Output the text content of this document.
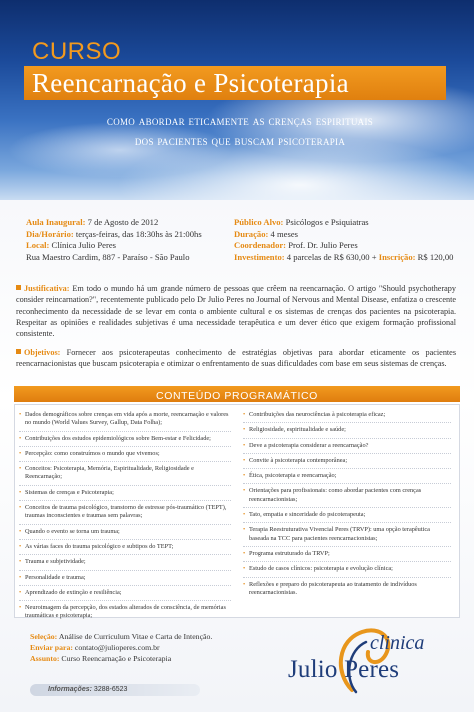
CURSO
Reencarnação e Psicoterapia
como abordar eticamente as crenças espirituais
dos pacientes que buscam psicoterapia
Aula Inaugural: 7 de Agosto de 2012
Dia/Horário: terças-feiras, das 18:30hs às 21:00hs
Local: Clínica Julio Peres
Rua Maestro Cardim, 887 - Paraíso - São Paulo
Público Alvo: Psicólogos e Psiquiatras
Duração: 4 meses
Coordenador: Prof. Dr. Julio Peres
Investimento: 4 parcelas de R$ 630,00 + Inscrição: R$ 120,00
Justificativa: Em todo o mundo há um grande número de pessoas que crêem na reencarnação. O artigo "Should psychotherapy consider reincarnation?", recentemente publicado pelo Dr Julio Peres no Journal of Nervous and Mental Disease, enfatiza o crescente reconhecimento da necessidade de se levar em conta o ambiente cultural e os sistemas de crenças dos pacientes na psicoterapia. Respeitar as opiniões e realidades subjetivas é uma necessidade terapêutica e um dever ético que exigem formação profissional consistente.
Objetivos: Fornecer aos psicoterapeutas conhecimento de estratégias objetivas para abordar eticamente os pacientes reencarnacionistas que buscam psicoterapia e otimizar o enfrentamento de suas dificuldades com base em seus sistemas de crenças.
CONTEÚDO PROGRAMÁTICO
• Dados demográficos sobre crenças em vida após a morte, reencarnação e valores no mundo (World Values Survey, Gallup, Data Folha);
• Contribuições dos estudos epidemiológicos sobre Bem-estar e Felicidade;
• Percepção: como construímos o mundo que vivemos;
• Conceitos: Psicoterapia, Memória, Espiritualidade, Religiosidade e Reencarnação;
• Sistemas de crenças e Psicoterapia;
• Conceitos de trauma psicológico, transtorno de estresse pós-traumático (TEPT), traumas inconscientes e traumas sem palavras;
• Quando o evento se torna um trauma;
• As várias faces do trauma psicológico e subtipos do TEPT;
• Trauma e subjetividade;
• Personalidade e trauma;
• Aprendizado de extinção e resiliência;
• Neuroimagem da percepção, dos estados alterados de consciência, de memórias traumáticas e psicoterapia;
• Contribuições das neurociências à psicoterapia eficaz;
• Religiosidade, espiritualidade e saúde;
• Deve a psicoterapia considerar a reencarnação?
• Convite à psicoterapia contemporânea;
• Ética, psicoterapia e reencarnação;
• Orientações para profissionais: como abordar pacientes com crenças reencarnacionistas;
• Tato, empatia e sinceridade do psicoterapeuta;
• Terapia Reestruturativa Vivencial Peres (TRVP): uma opção terapêutica baseada na TCC para pacientes reencarnacionistas;
• Programa estruturado da TRVP;
• Estudo de casos clínicos: psicoterapia e evolução clínica;
• Reflexões e preparo do psicoterapeuta ao tratamento de indivíduos reencarnacionistas.
Seleção: Análise de Curriculum Vitae e Carta de Intenção.
Enviar para: contato@julioperes.com.br
Assunto: Curso Reencarnação e Psicoterapia
Informações: 3288-6523
clinica
Julio Peres
